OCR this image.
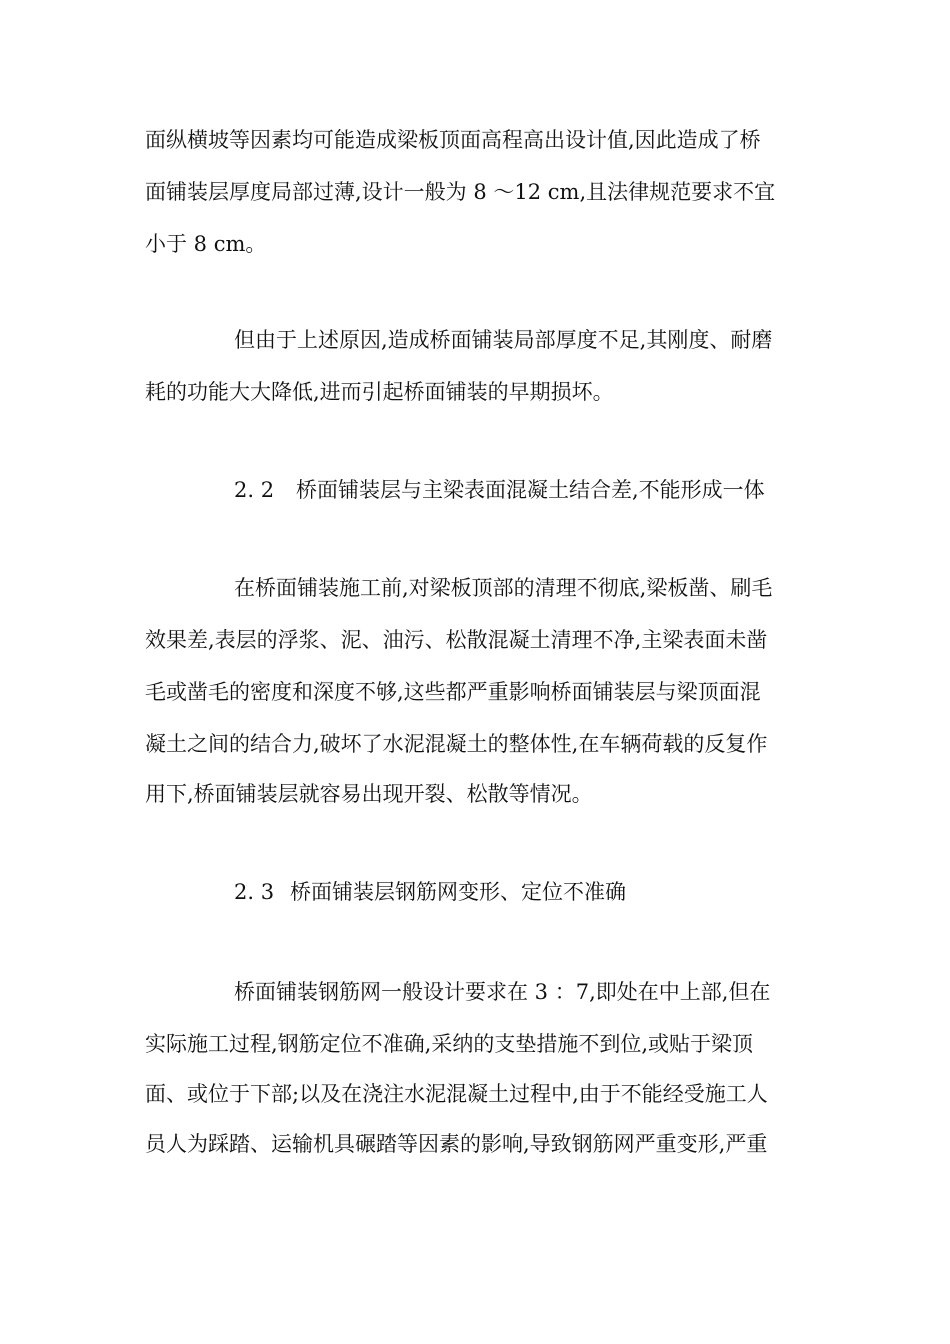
面纵横坡等因素均可能造成梁板顶面高程高出设计值,因此造成了桥
面铺装层厚度局部过薄,设计一般为 8 ～12 cm,且法律规范要求不宜
小于 8 cm。
但由于上述原因,造成桥面铺装局部厚度不足,其刚度、耐磨
耗的功能大大降低,进而引起桥面铺装的早期损坏。
2. 2 桥面铺装层与主梁表面混凝土结合差,不能形成一体
在桥面铺装施工前,对梁板顶部的清理不彻底,梁板凿、刷毛
效果差,表层的浮浆、泥、油污、松散混凝土清理不净,主梁表面未凿
毛或凿毛的密度和深度不够,这些都严重影响桥面铺装层与梁顶面混
凝土之间的结合力,破坏了水泥混凝土的整体性,在车辆荷载的反复作
用下,桥面铺装层就容易出现开裂、松散等情况。
2. 3 桥面铺装层钢筋网变形、定位不准确
桥面铺装钢筋网一般设计要求在 3 ：7,即处在中上部,但在
实际施工过程,钢筋定位不准确,采纳的支垫措施不到位,或贴于梁顶
面、或位于下部;以及在浇注水泥混凝土过程中,由于不能经受施工人
员人为踩踏、运输机具碾踏等因素的影响,导致钢筋网严重变形,严重
